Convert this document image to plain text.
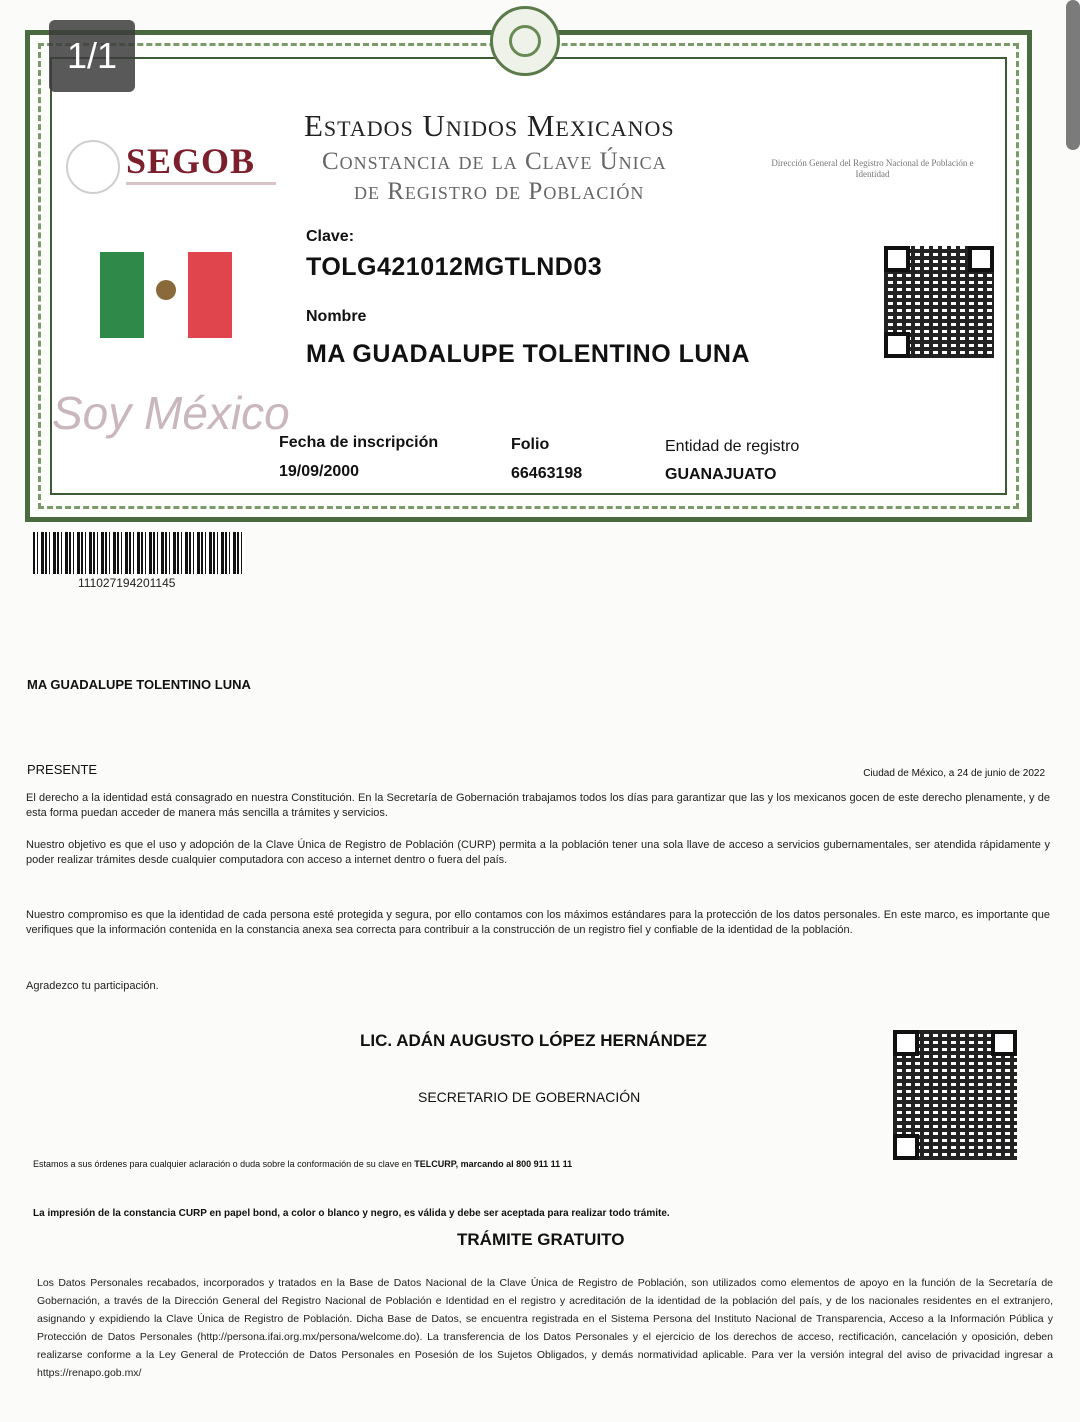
1/1
SEGOB
Estados Unidos Mexicanos
Constancia de la Clave Única
de Registro de Población
Dirección General del Registro Nacional de Población e Identidad
Clave:
TOLG421012MGTLND03
Nombre
MA GUADALUPE TOLENTINO LUNA
Soy México
Fecha de inscripción
19/09/2000
Folio
66463198
Entidad de registro
GUANAJUATO
111027194201145
MA GUADALUPE TOLENTINO LUNA
PRESENTE	Ciudad de México, a 24 de junio de 2022
El derecho a la identidad está consagrado en nuestra Constitución. En la Secretaría de Gobernación trabajamos todos los días para garantizar que las y los mexicanos gocen de este derecho plenamente, y de esta forma puedan acceder de manera más sencilla a trámites y servicios.
Nuestro objetivo es que el uso y adopción de la Clave Única de Registro de Población (CURP) permita a la población tener una sola llave de acceso a servicios gubernamentales, ser atendida rápidamente y poder realizar trámites desde cualquier computadora con acceso a internet dentro o fuera del país.
Nuestro compromiso es que la identidad de cada persona esté protegida y segura, por ello contamos con los máximos estándares para la protección de los datos personales. En este marco, es importante que verifiques que la información contenida en la constancia anexa sea correcta para contribuir a la construcción de un registro fiel y confiable de la identidad de la población.
Agradezco tu participación.
LIC. ADÁN AUGUSTO LÓPEZ HERNÁNDEZ
SECRETARIO DE GOBERNACIÓN
Estamos a sus órdenes para cualquier aclaración o duda sobre la conformación de su clave en TELCURP, marcando al 800 911 11 11
La impresión de la constancia CURP en papel bond, a color o blanco y negro, es válida y debe ser aceptada para realizar todo trámite.
TRÁMITE GRATUITO
Los Datos Personales recabados, incorporados y tratados en la Base de Datos Nacional de la Clave Única de Registro de Población, son utilizados como elementos de apoyo en la función de la Secretaría de Gobernación, a través de la Dirección General del Registro Nacional de Población e Identidad en el registro y acreditación de la identidad de la población del país, y de los nacionales residentes en el extranjero, asignando y expidiendo la Clave Única de Registro de Población. Dicha Base de Datos, se encuentra registrada en el Sistema Persona del Instituto Nacional de Transparencia, Acceso a la Información Pública y Protección de Datos Personales (http://persona.ifai.org.mx/persona/welcome.do). La transferencia de los Datos Personales y el ejercicio de los derechos de acceso, rectificación, cancelación y oposición, deben realizarse conforme a la Ley General de Protección de Datos Personales en Posesión de los Sujetos Obligados, y demás normatividad aplicable. Para ver la versión integral del aviso de privacidad ingresar a https://renapo.gob.mx/
